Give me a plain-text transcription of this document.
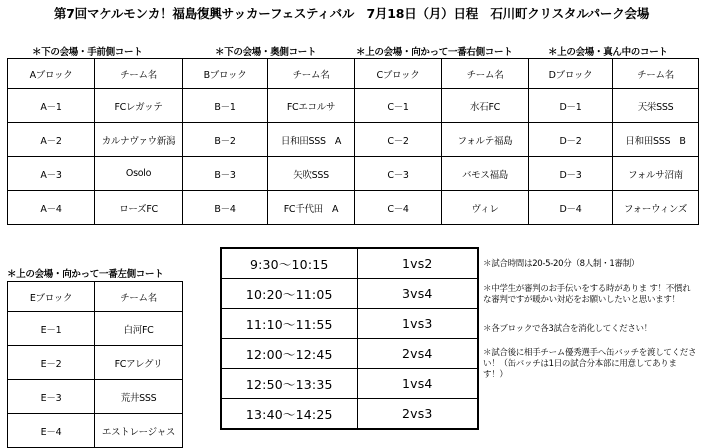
第7回マケルモンカ！福島復興サッカーフェスティバル　7月18日（月）日程　石川町クリスタルパーク会場
＊下の会場・手前側コート
Aブロック	チーム名
A－1	FCレガッテ
A－2	カルナヴァウ新潟
A－3	Osolo
A－4	ローズFC
＊下の会場・奥側コート
Bブロック	チーム名
B－1	FCエコルサ
B－2	日和田SSS　A
B－3	矢吹SSS
B－4	FC千代田　A
＊上の会場・向かって一番右側コート
Cブロック	チーム名
C－1	水石FC
C－2	フォルテ福島
C－3	バモス福島
C－4	ヴィレ
＊上の会場・真ん中のコート
Dブロック	チーム名
D－1	天栄SSS
D－2	日和田SSS　B
D－3	フォルサ沼南
D－4	フォーウィンズ
＊上の会場・向かって一番左側コート
Eブロック	チーム名
E－1	白河FC
E－2	FCアレグリ
E－3	荒井SSS
E－4	エストレージャス
9:30～10:15	1vs2
10:20～11:05	3vs4
11:10～11:55	1vs3
12:00～12:45	2vs4
12:50～13:35	1vs4
13:40～14:25	2vs3
＊試合時間は20-5-20分（8人制・1審制）
＊中学生が審判のお手伝いをする時がありま す！不慣れな審判ですが暖かい対応をお願いしたいと思います！
＊各ブロックで各3試合を消化してください！
＊試合後に相手チーム優秀選手へ缶バッチを渡してください！（缶バッチは1日の試合分本部に用意してあります！）
